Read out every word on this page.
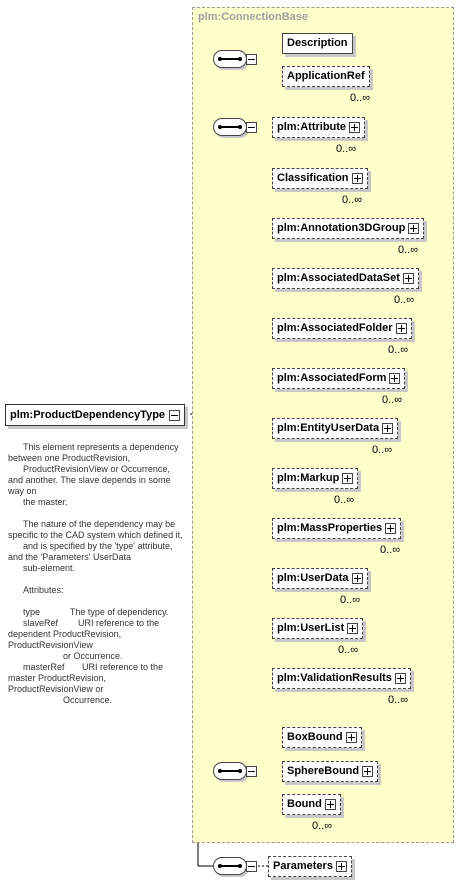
plm:ConnectionBase
plm:ProductDependencyType
This element represents a dependency between one ProductRevision,
ProductRevisionView or Occurrence, and another. The slave depends in some way on
the master.

The nature of the dependency may be specific to the CAD system which defined it,
and is specified by the 'type' attribute, and the 'Parameters' UserData
sub-element.

Attributes:

type            The type of dependency.
slaveRef        URI reference to the dependent ProductRevision, ProductRevisionView
or Occurrence.
masterRef       URI reference to the master ProductRevision, ProductRevisionView or
Occurrence.
Description
ApplicationRef
0..∞
plm:Attribute
0..∞
Classification
0..∞
plm:Annotation3DGroup
0..∞
plm:AssociatedDataSet
0..∞
plm:AssociatedFolder
0..∞
plm:AssociatedForm
0..∞
plm:EntityUserData
0..∞
plm:Markup
0..∞
plm:MassProperties
0..∞
plm:UserData
0..∞
plm:UserList
0..∞
plm:ValidationResults
0..∞
BoxBound
SphereBound
Bound
0..∞
Parameters
